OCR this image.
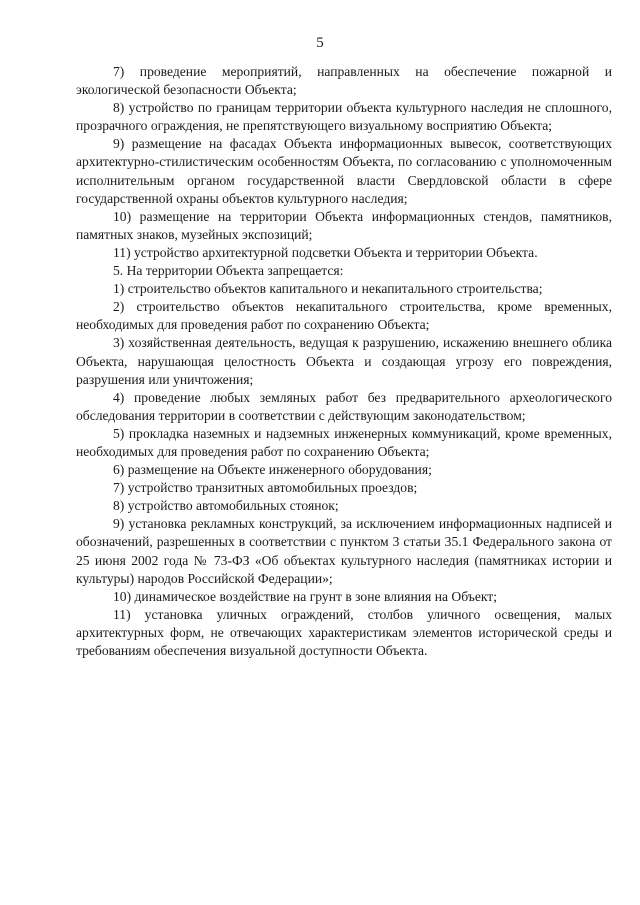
5

7) проведение мероприятий, направленных на обеспечение пожарной и экологической безопасности Объекта;

8) устройство по границам территории объекта культурного наследия не сплошного, прозрачного ограждения, не препятствующего визуальному восприятию Объекта;

9) размещение на фасадах Объекта информационных вывесок, соответствующих архитектурно-стилистическим особенностям Объекта, по согласованию с уполномоченным исполнительным органом государственной власти Свердловской области в сфере государственной охраны объектов культурного наследия;

10) размещение на территории Объекта информационных стендов, памятников, памятных знаков, музейных экспозиций;

11) устройство архитектурной подсветки Объекта и территории Объекта.

5. На территории Объекта запрещается:

1) строительство объектов капитального и некапитального строительства;

2) строительство объектов некапитального строительства, кроме временных, необходимых для проведения работ по сохранению Объекта;

3) хозяйственная деятельность, ведущая к разрушению, искажению внешнего облика Объекта, нарушающая целостность Объекта и создающая угрозу его повреждения, разрушения или уничтожения;

4) проведение любых земляных работ без предварительного археологического обследования территории в соответствии с действующим законодательством;

5) прокладка наземных и надземных инженерных коммуникаций, кроме временных, необходимых для проведения работ по сохранению Объекта;

6) размещение на Объекте инженерного оборудования;

7) устройство транзитных автомобильных проездов;

8) устройство автомобильных стоянок;

9) установка рекламных конструкций, за исключением информационных надписей и обозначений, разрешенных в соответствии с пунктом 3 статьи 35.1 Федерального закона от 25 июня 2002 года № 73-ФЗ «Об объектах культурного наследия (памятниках истории и культуры) народов Российской Федерации»;

10) динамическое воздействие на грунт в зоне влияния на Объект;

11) установка уличных ограждений, столбов уличного освещения, малых архитектурных форм, не отвечающих характеристикам элементов исторической среды и требованиям обеспечения визуальной доступности Объекта.
